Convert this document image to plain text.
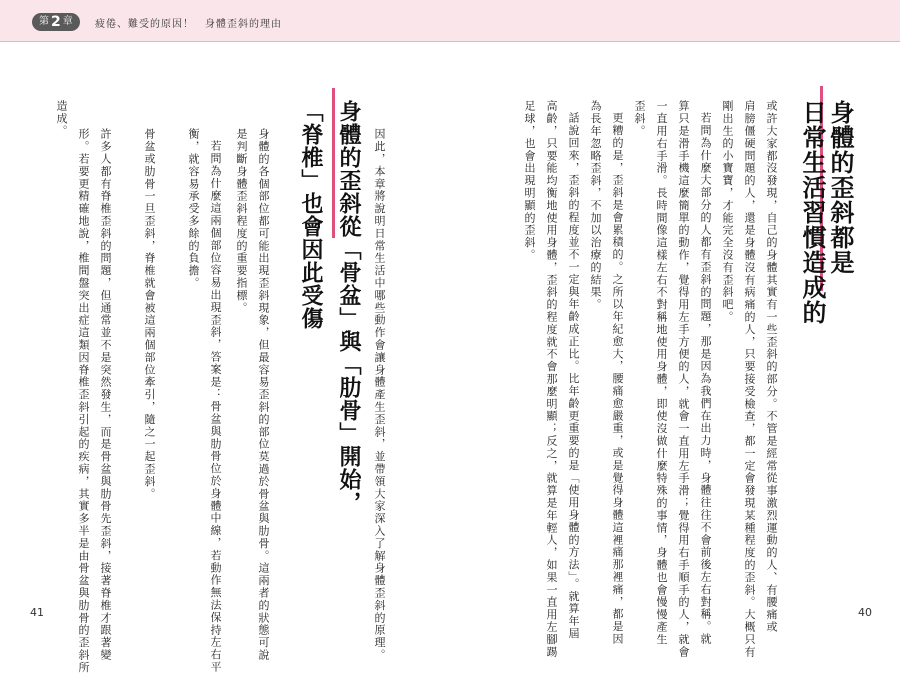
第 2 章 疲倦、難受的原因！ 身體歪斜的理由
身體的歪斜都是
日常生活習慣造成的
或許大家都沒發現，自己的身體其實有一些歪斜的部分。不管是經常從事激烈運動的人、有腰痛或
肩膀僵硬問題的人，還是身體沒有病痛的人，只要接受檢查，都一定會發現某種程度的歪斜。大概只有
剛出生的小寶寶，才能完全沒有歪斜吧。
若問為什麼大部分的人都有歪斜的問題，那是因為我們在出力時，身體往往不會前後左右對稱。就
算只是滑手機這麼簡單的動作，覺得用左手方便的人，就會一直用左手滑；覺得用右手順手的人，就會
一直用右手滑。長時間像這樣左右不對稱地使用身體，即使沒做什麼特殊的事情，身體也會慢慢產生
歪斜。
更糟的是，歪斜是會累積的。之所以年紀愈大，腰痛愈嚴重，或是覺得身體這裡痛那裡痛，都是因
為長年忽略歪斜，不加以治療的結果。
話說回來，歪斜的程度並不一定與年齡成正比。比年齡更重要的是「使用身體的方法」。就算年屆
高齡，只要能均衡地使用身體，歪斜的程度就不會那麼明顯；反之，就算是年輕人，如果一直用左腳踢
足球，也會出現明顯的歪斜。
因此，本章將說明日常生活中哪些動作會讓身體產生歪斜，並帶領大家深入了解身體歪斜的原理。
身體的歪斜從「骨盆」與「肋骨」開始，
「脊椎」也會因此受傷
身體的各個部位都可能出現歪斜現象，但最容易歪斜的部位莫過於骨盆與肋骨。這兩者的狀態可說
是判斷身體歪斜程度的重要指標。
若問為什麼這兩個部位容易出現歪斜，答案是：骨盆與肋骨位於身體中線，若動作無法保持左右平
衡，就容易承受多餘的負擔。
骨盆或肋骨一旦歪斜，脊椎就會被這兩個部位牽引，隨之一起歪斜。
許多人都有脊椎歪斜的問題，但通常並不是突然發生，而是骨盆與肋骨先歪斜，接著脊椎才跟著變
形。若要更精確地說，椎間盤突出症這類因脊椎歪斜引起的疾病，其實多半是由骨盆與肋骨的歪斜所
造成。
41	40
